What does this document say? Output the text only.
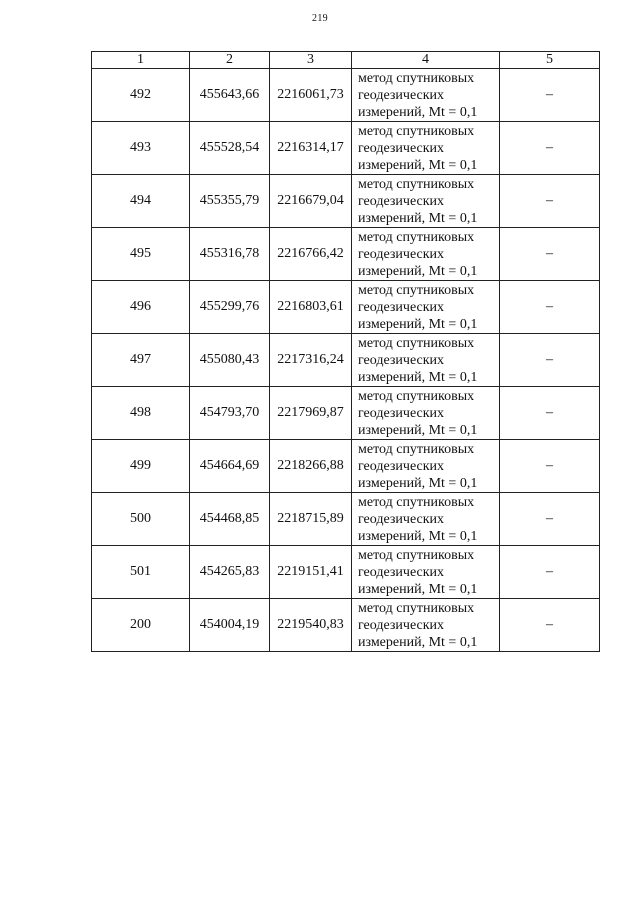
219
1	2	3	4	5
492	455643,66	2216061,73	метод спутниковых
геодезических
измерений, Mt = 0,1	–
493	455528,54	2216314,17	метод спутниковых
геодезических
измерений, Mt = 0,1	–
494	455355,79	2216679,04	метод спутниковых
геодезических
измерений, Mt = 0,1	–
495	455316,78	2216766,42	метод спутниковых
геодезических
измерений, Mt = 0,1	–
496	455299,76	2216803,61	метод спутниковых
геодезических
измерений, Mt = 0,1	–
497	455080,43	2217316,24	метод спутниковых
геодезических
измерений, Mt = 0,1	–
498	454793,70	2217969,87	метод спутниковых
геодезических
измерений, Mt = 0,1	–
499	454664,69	2218266,88	метод спутниковых
геодезических
измерений, Mt = 0,1	–
500	454468,85	2218715,89	метод спутниковых
геодезических
измерений, Mt = 0,1	–
501	454265,83	2219151,41	метод спутниковых
геодезических
измерений, Mt = 0,1	–
200	454004,19	2219540,83	метод спутниковых
геодезических
измерений, Mt = 0,1	–
